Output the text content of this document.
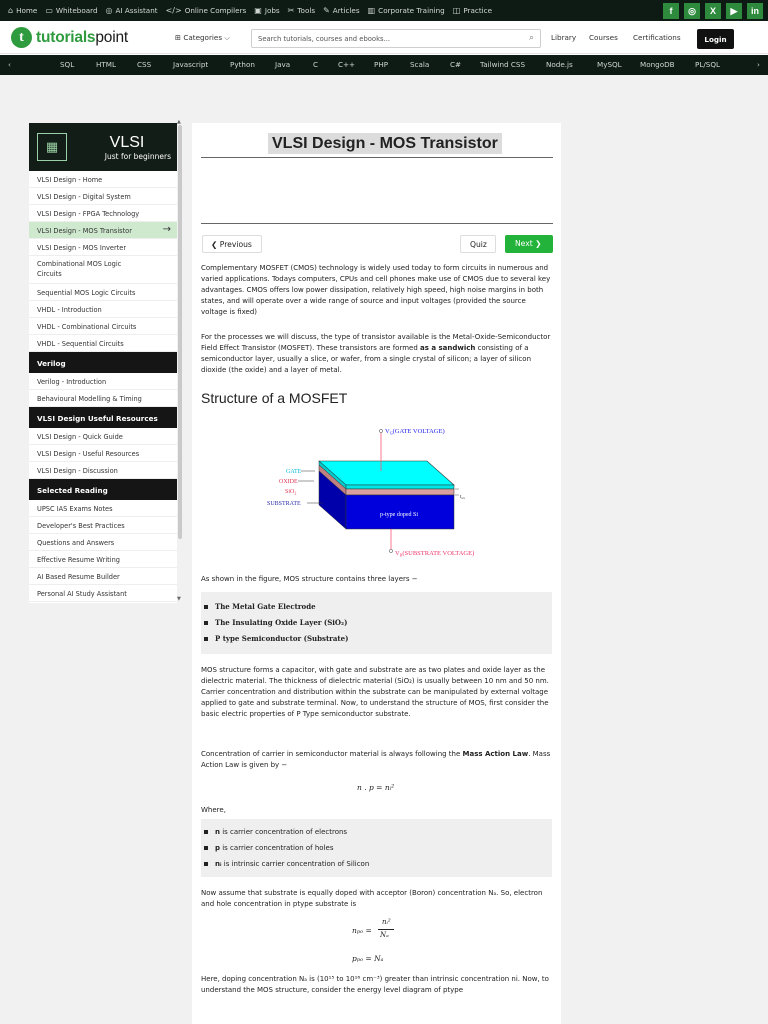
⌂ Home ▭ Whiteboard ◎ AI Assistant </> Online Compilers ▣ Jobs ✂ Tools ✎ Articles ▥ Corporate Training ◫ Practice	f	◎	X	▶	in
t tutorialspoint	⊞ Categories ⌵	Search tutorials, courses and ebooks...	⌕ Library Courses Certifications	Login
‹	SQL	HTML	CSS	Javascript	Python	Java	C	C++	PHP	Scala	C#	Tailwind CSS	Node.js	MySQL	MongoDB	PL/SQL	›
▦	VLSI
Just for beginners
VLSI Design - Home
VLSI Design - Digital System
VLSI Design - FPGA Technology
VLSI Design - MOS Transistor	→
VLSI Design - MOS Inverter
Combinational MOS Logic Circuits
Sequential MOS Logic Circuits
VHDL - Introduction
VHDL - Combinational Circuits
VHDL - Sequential Circuits
Verilog
Verilog - Introduction
Behavioural Modelling & Timing
VLSI Design Useful Resources
VLSI Design - Quick Guide
VLSI Design - Useful Resources
VLSI Design - Discussion
Selected Reading
UPSC IAS Exams Notes
Developer's Best Practices
Questions and Answers
Effective Resume Writing
AI Based Resume Builder
Personal AI Study Assistant
▲
▼
VLSI Design - MOS Transistor
❮ Previous	Quiz	Next ❯
Complementary MOSFET (CMOS) technology is widely used today to form circuits in numerous and varied applications. Todays computers, CPUs and cell phones make use of CMOS due to several key advantages. CMOS offers low power dissipation, relatively high speed, high noise margins in both states, and will operate over a wide range of source and input voltages (provided the source voltage is fixed)
For the processes we will discuss, the type of transistor available is the Metal-Oxide-Semiconductor Field Effect Transistor (MOSFET). These transistors are formed as a sandwich consisting of a semiconductor layer, usually a slice, or wafer, from a single crystal of silicon; a layer of silicon dioxide (the oxide) and a layer of metal.
Structure of a MOSFET
$V_G(GATE$ VOLTAGE)
$V_B(SUBSTRATE$ VOLTAGE)
GATE
OXIDE
SiO$_2$
SUBSTRATE
$t_{ox}$
p-type doped Si
As shown in the figure, MOS structure contains three layers −
The Metal Gate Electrode
The Insulating Oxide Layer (SiO₂)
P type Semiconductor (Substrate)
MOS structure forms a capacitor, with gate and substrate are as two plates and oxide layer as the dielectric material. The thickness of dielectric material (SiO₂) is usually between 10 nm and 50 nm. Carrier concentration and distribution within the substrate can be manipulated by external voltage applied to gate and substrate terminal. Now, to understand the structure of MOS, first consider the basic electric properties of P Type semiconductor substrate.
Concentration of carrier in semiconductor material is always following the Mass Action Law. Mass Action Law is given by −
n . p = nᵢ²
Where,
n is carrier concentration of electrons
p is carrier concentration of holes
nᵢ is intrinsic carrier concentration of Silicon
Now assume that substrate is equally doped with acceptor (Boron) concentration Nₐ. So, electron and hole concentration in ptype substrate is
npo =
nᵢ²
Nₐ
ppo = Nₐ
Here, doping concentration Nₐ is (10¹⁵ to 10¹⁶ cm⁻³) greater than intrinsic concentration ni. Now, to understand the MOS structure, consider the energy level diagram of ptype
